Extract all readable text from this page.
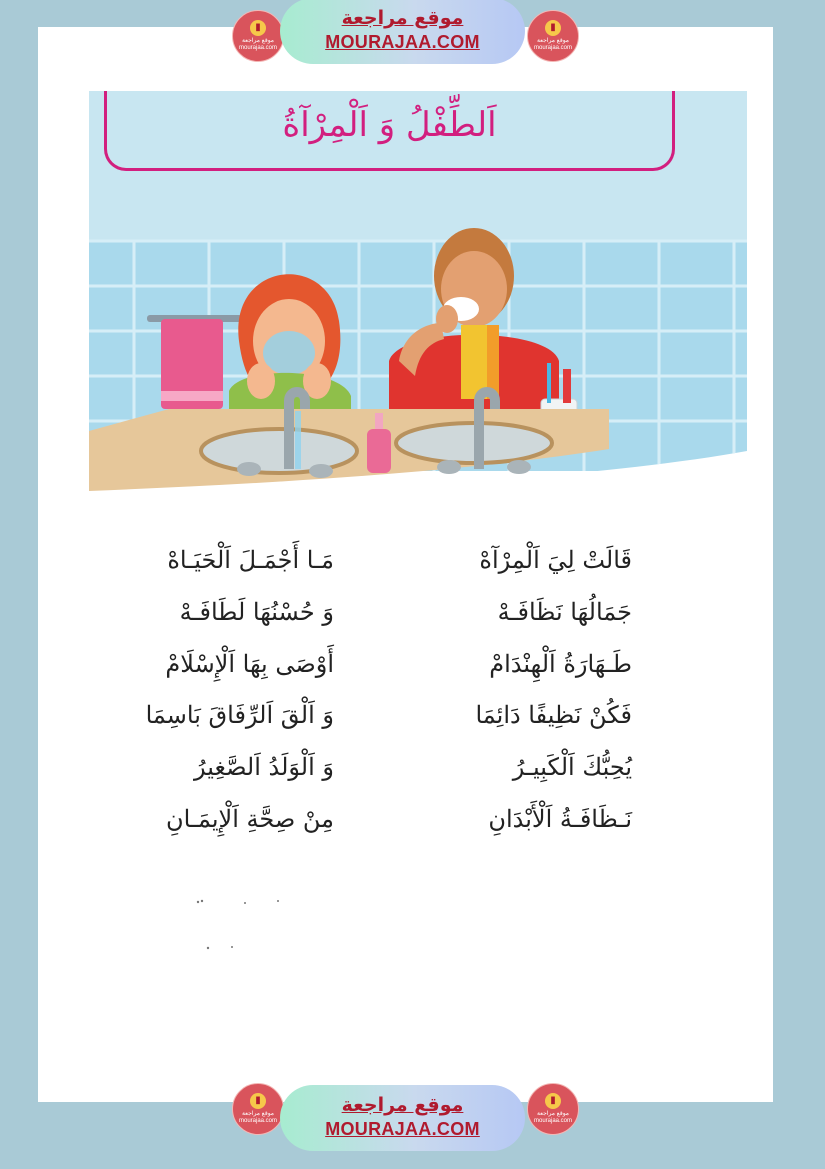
▮
موقع مراجعة
mourajaa.com
موقع مراجعة
MOURAJAA.COM
▮
موقع مراجعة
mourajaa.com
اَلطِّفْلُ وَ اَلْمِرْآةُ
قَالَتْ لِيَ اَلْمِرْآهْ
جَمَالُهَا نَظَافَـهْ
طَـهَارَةُ اَلْهِنْدَامْ
فَكُنْ نَظِيفًا دَائِمَا
يُحِبُّكَ اَلْكَبِيـرُ
نَـظَافَـةُ اَلْأَبْدَانِ
مَـا أَجْمَـلَ اَلْحَيَـاهْ
وَ حُسْنُهَا لَطَافَـهْ
أَوْصَى بِهَا اَلْإِسْلَامْ
وَ اَلْقَ اَلرِّفَاقَ بَاسِمَا
وَ اَلْوَلَدُ اَلصَّغِيرُ
مِنْ صِحَّةِ اَلْإِيمَـانِ
▮
موقع مراجعة
mourajaa.com
موقع مراجعة
MOURAJAA.COM
▮
موقع مراجعة
mourajaa.com
